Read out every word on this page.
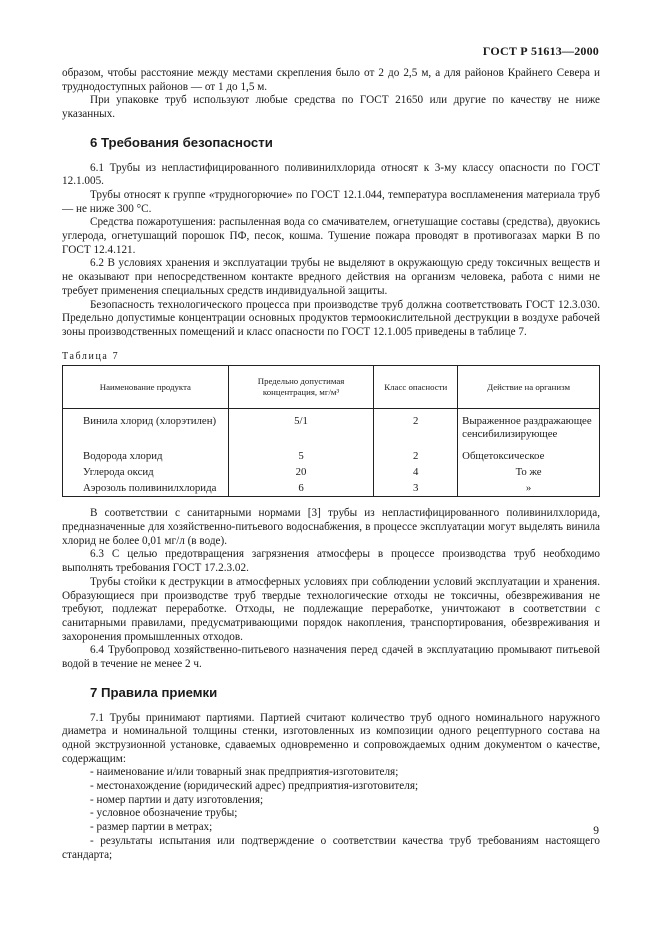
ГОСТ Р 51613—2000

образом, чтобы расстояние между местами скрепления было от 2 до 2,5 м, а для районов Крайнего Севера и труднодоступных районов — от 1 до 1,5 м.

При упаковке труб используют любые средства по ГОСТ 21650 или другие по качеству не ниже указанных.

6 Требования безопасности

6.1 Трубы из непластифицированного поливинилхлорида относят к 3-му классу опасности по ГОСТ 12.1.005.

Трубы относят к группе «трудногорючие» по ГОСТ 12.1.044, температура воспламенения материала труб — не ниже 300 °С.

Средства пожаротушения: распыленная вода со смачивателем, огнетушащие составы (средства), двуокись углерода, огнетушащий порошок ПФ, песок, кошма. Тушение пожара проводят в противогазах марки В по ГОСТ 12.4.121.

6.2 В условиях хранения и эксплуатации трубы не выделяют в окружающую среду токсичных веществ и не оказывают при непосредственном контакте вредного действия на организм человека, работа с ними не требует применения специальных средств индивидуальной защиты.

Безопасность технологического процесса при производстве труб должна соответствовать ГОСТ 12.3.030. Предельно допустимые концентрации основных продуктов термоокислительной деструкции в воздухе рабочей зоны производственных помещений и класс опасности по ГОСТ 12.1.005 приведены в таблице 7.

Таблица 7
Наименование продукта	Предельно допустимая концентрация, мг/м³	Класс опасности	Действие на организм
Винила хлорид (хлорэтилен)	5/1	2	Выраженное раздражающее сенсибилизирующее
Водорода хлорид	5	2	Общетоксическое
Углерода оксид	20	4	То же
Аэрозоль поливинилхлорида	6	3	»

В соответствии с санитарными нормами [3] трубы из непластифицированного поливинилхлорида, предназначенные для хозяйственно-питьевого водоснабжения, в процессе эксплуатации могут выделять винила хлорид не более 0,01 мг/л (в воде).

6.3 С целью предотвращения загрязнения атмосферы в процессе производства труб необходимо выполнять требования ГОСТ 17.2.3.02.

Трубы стойки к деструкции в атмосферных условиях при соблюдении условий эксплуатации и хранения. Образующиеся при производстве труб твердые технологические отходы не токсичны, обезвреживания не требуют, подлежат переработке. Отходы, не подлежащие переработке, уничтожают в соответствии с санитарными правилами, предусматривающими порядок накопления, транспортирования, обезвреживания и захоронения промышленных отходов.

6.4 Трубопровод хозяйственно-питьевого назначения перед сдачей в эксплуатацию промывают питьевой водой в течение не менее 2 ч.

7 Правила приемки

7.1 Трубы принимают партиями. Партией считают количество труб одного номинального наружного диаметра и номинальной толщины стенки, изготовленных из композиции одного рецептурного состава на одной экструзионной установке, сдаваемых одновременно и сопровождаемых одним документом о качестве, содержащим:

- наименование и/или товарный знак предприятия-изготовителя;
- местонахождение (юридический адрес) предприятия-изготовителя;
- номер партии и дату изготовления;
- условное обозначение трубы;
- размер партии в метрах;
- результаты испытания или подтверждение о соответствии качества труб требованиям настоящего стандарта;
9
